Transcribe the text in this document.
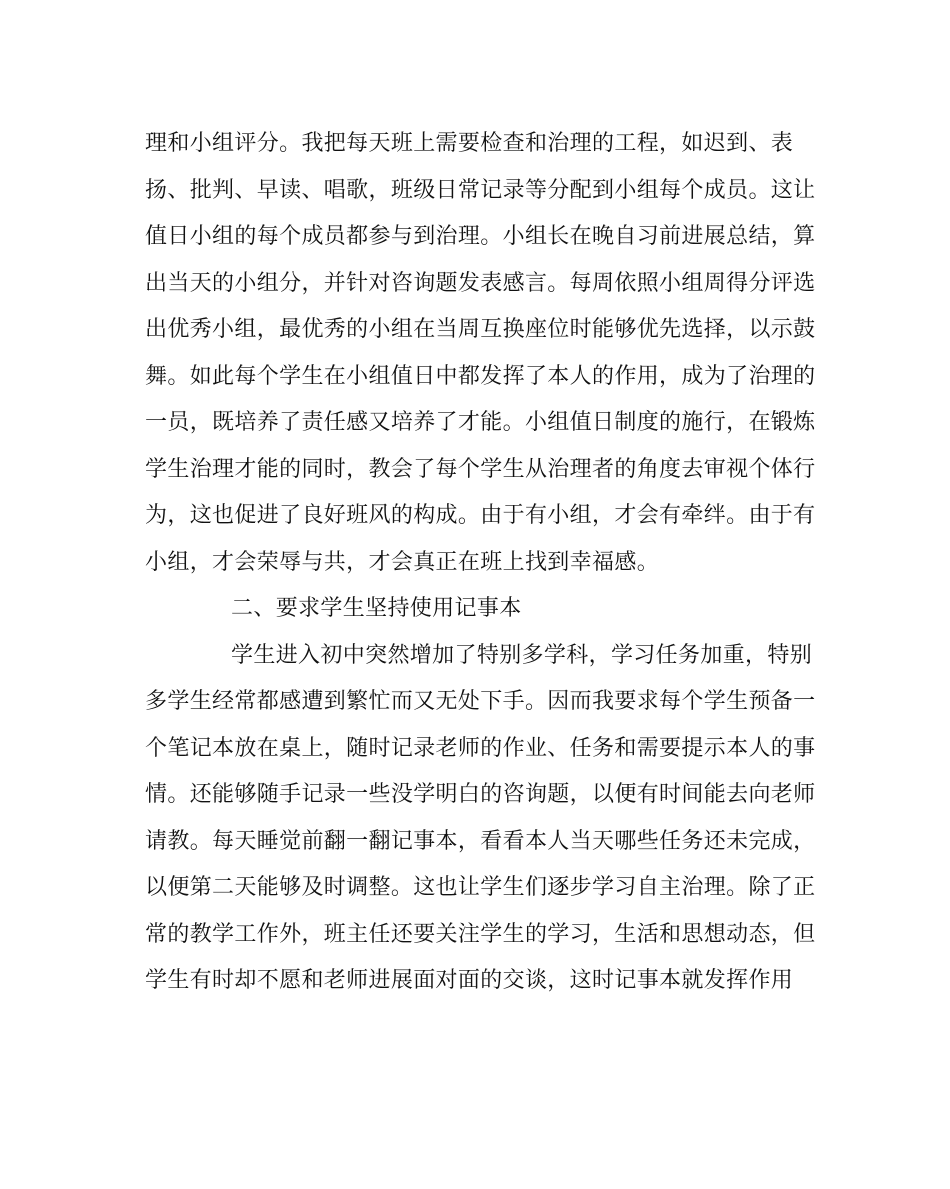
理和小组评分。我把每天班上需要检查和治理的工程，如迟到、表
扬、批判、早读、唱歌，班级日常记录等分配到小组每个成员。这让
值日小组的每个成员都参与到治理。小组长在晚自习前进展总结，算
出当天的小组分，并针对咨询题发表感言。每周依照小组周得分评选
出优秀小组，最优秀的小组在当周互换座位时能够优先选择，以示鼓
舞。如此每个学生在小组值日中都发挥了本人的作用，成为了治理的
一员，既培养了责任感又培养了才能。小组值日制度的施行，在锻炼
学生治理才能的同时，教会了每个学生从治理者的角度去审视个体行
为，这也促进了良好班风的构成。由于有小组，才会有牵绊。由于有
小组，才会荣辱与共，才会真正在班上找到幸福感。
二、要求学生坚持使用记事本
学生进入初中突然增加了特别多学科，学习任务加重，特别
多学生经常都感遭到繁忙而又无处下手。因而我要求每个学生预备一
个笔记本放在桌上，随时记录老师的作业、任务和需要提示本人的事
情。还能够随手记录一些没学明白的咨询题，以便有时间能去向老师
请教。每天睡觉前翻一翻记事本，看看本人当天哪些任务还未完成，
以便第二天能够及时调整。这也让学生们逐步学习自主治理。除了正
常的教学工作外，班主任还要关注学生的学习，生活和思想动态，但
学生有时却不愿和老师进展面对面的交谈，这时记事本就发挥作用
